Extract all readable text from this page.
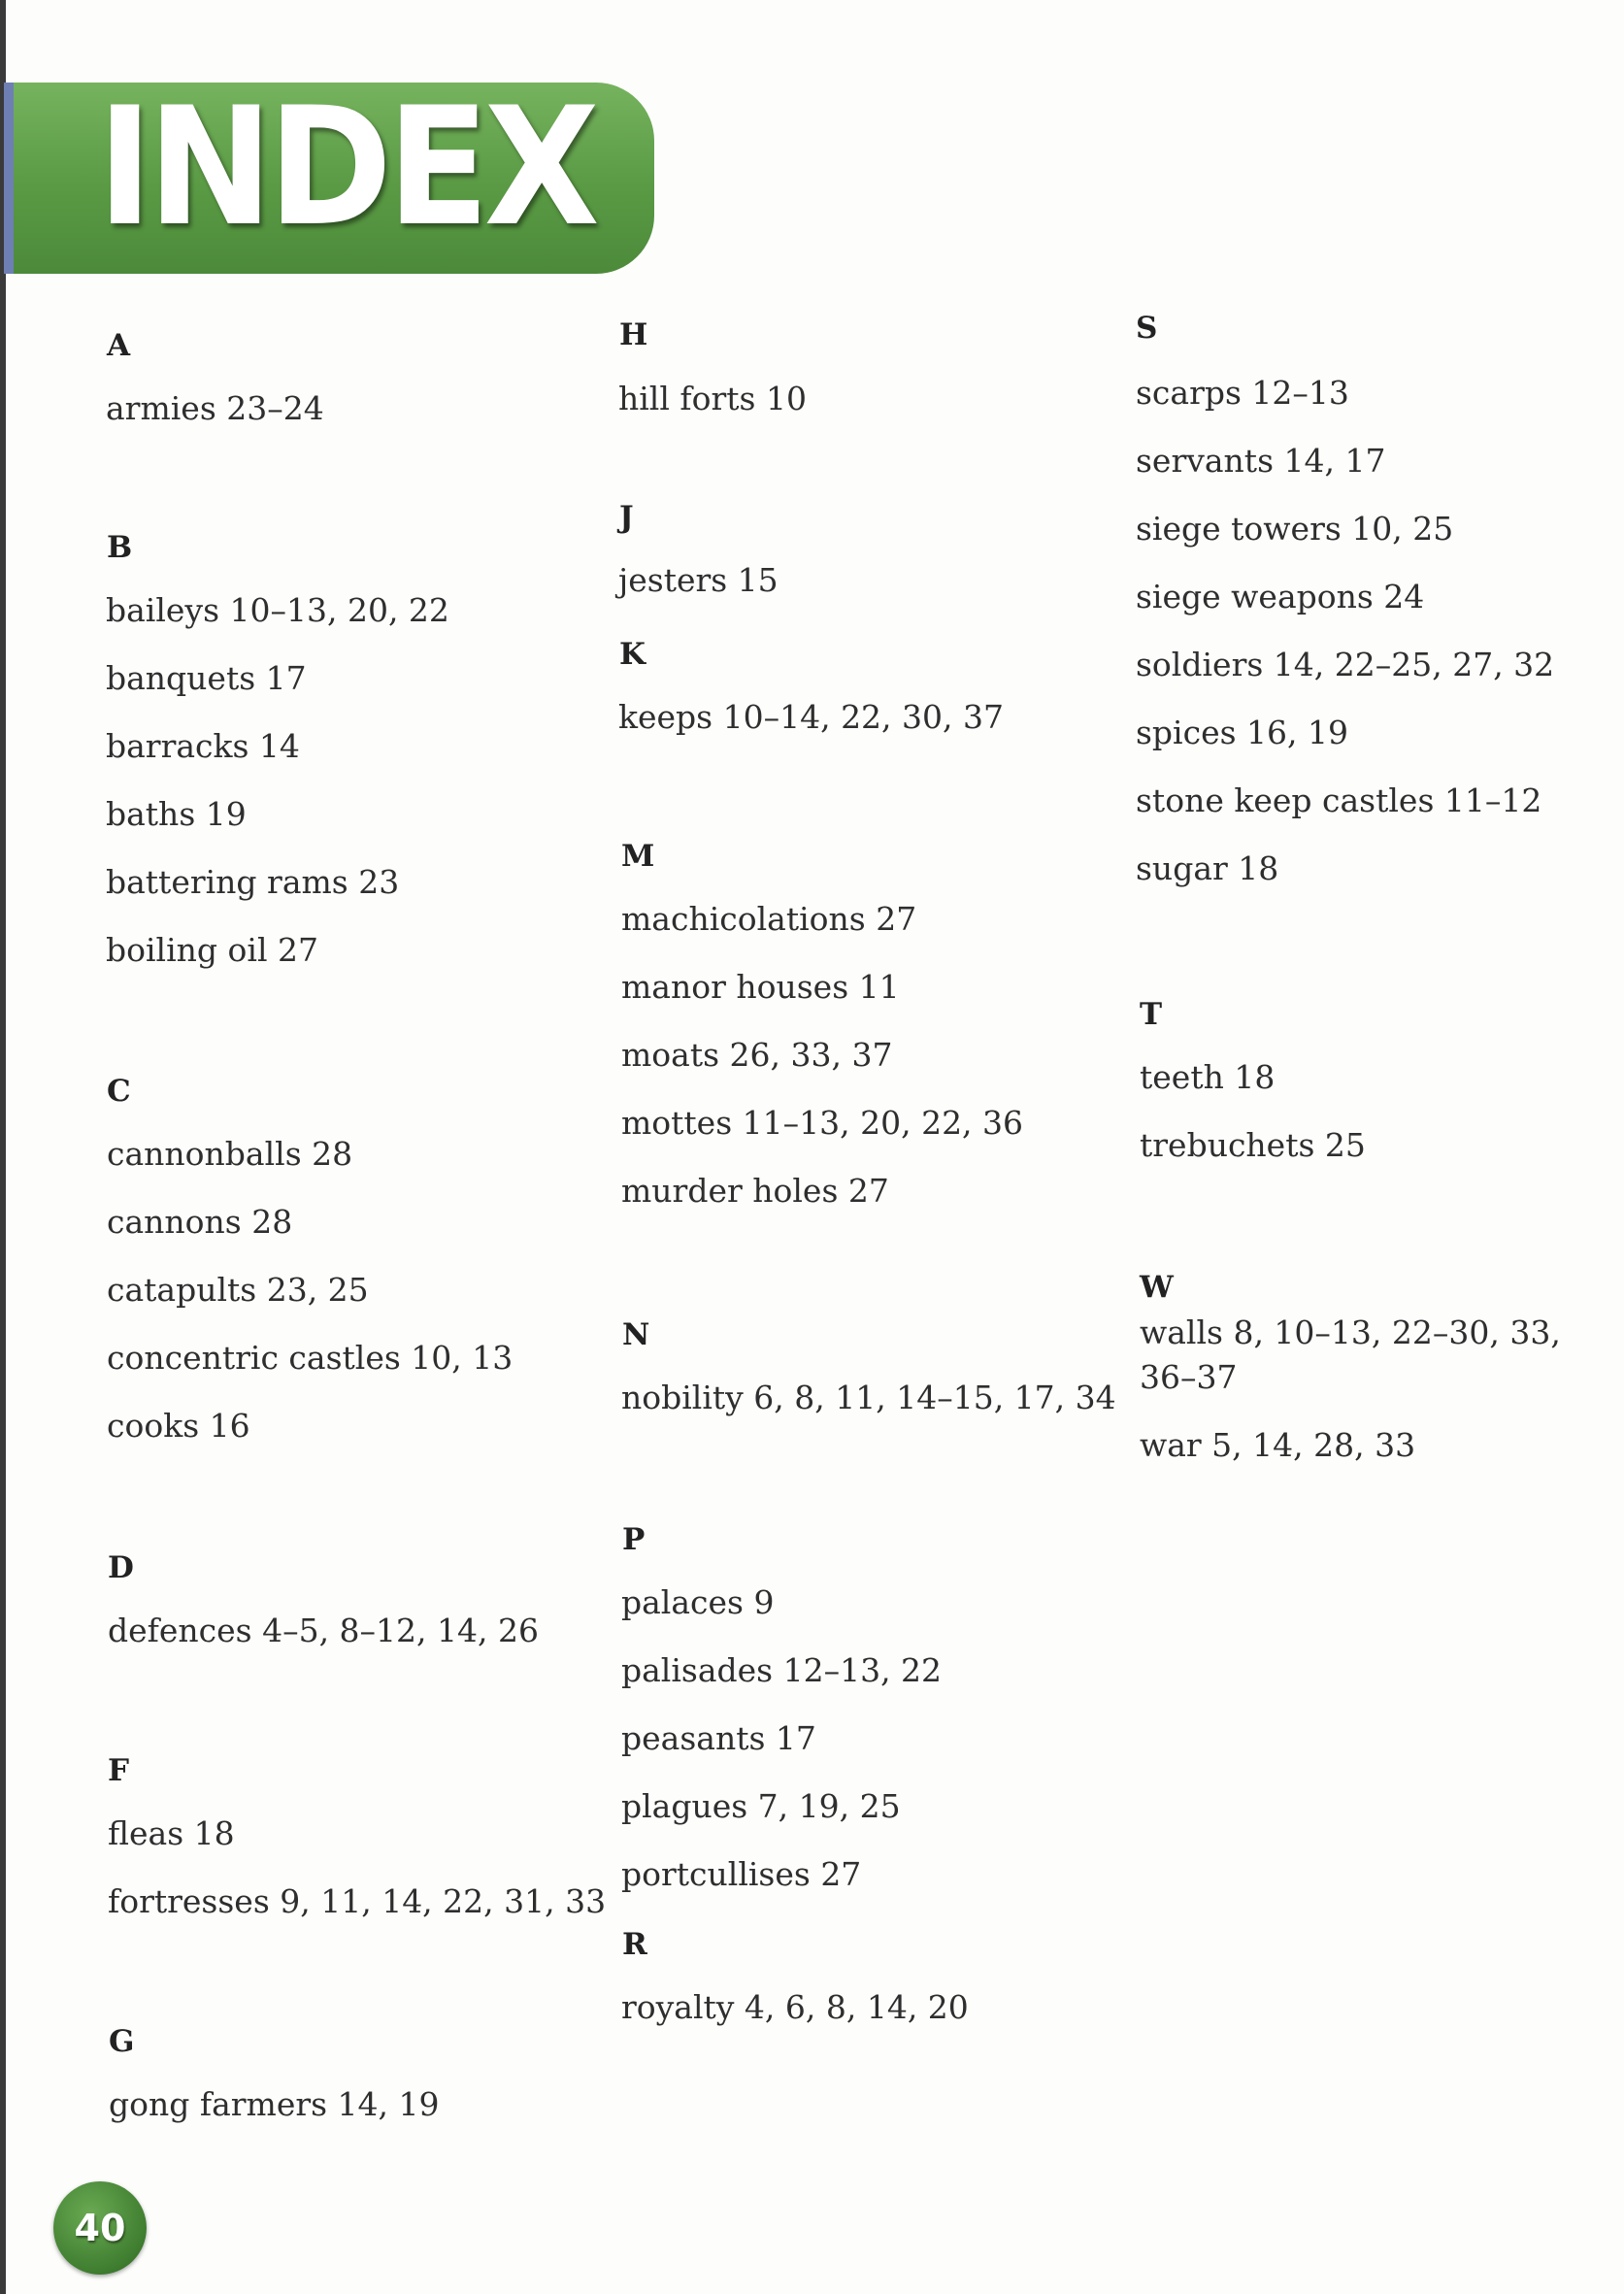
INDEX
A
armies 23–24
B
baileys 10–13, 20, 22
banquets 17
barracks 14
baths 19
battering rams 23
boiling oil 27
C
cannonballs 28
cannons 28
catapults 23, 25
concentric castles 10, 13
cooks 16
D
defences 4–5, 8–12, 14, 26
F
fleas 18
fortresses 9, 11, 14, 22, 31, 33
G
gong farmers 14, 19
H
hill forts 10
J
jesters 15
K
keeps 10–14, 22, 30, 37
M
machicolations 27
manor houses 11
moats 26, 33, 37
mottes 11–13, 20, 22, 36
murder holes 27
N
nobility 6, 8, 11, 14–15, 17, 34
P
palaces 9
palisades 12–13, 22
peasants 17
plagues 7, 19, 25
portcullises 27
R
royalty 4, 6, 8, 14, 20
S
scarps 12–13
servants 14, 17
siege towers 10, 25
siege weapons 24
soldiers 14, 22–25, 27, 32
spices 16, 19
stone keep castles 11–12
sugar 18
T
teeth 18
trebuchets 25
W
walls 8, 10–13, 22–30, 33, 36–37
war 5, 14, 28, 33
40
